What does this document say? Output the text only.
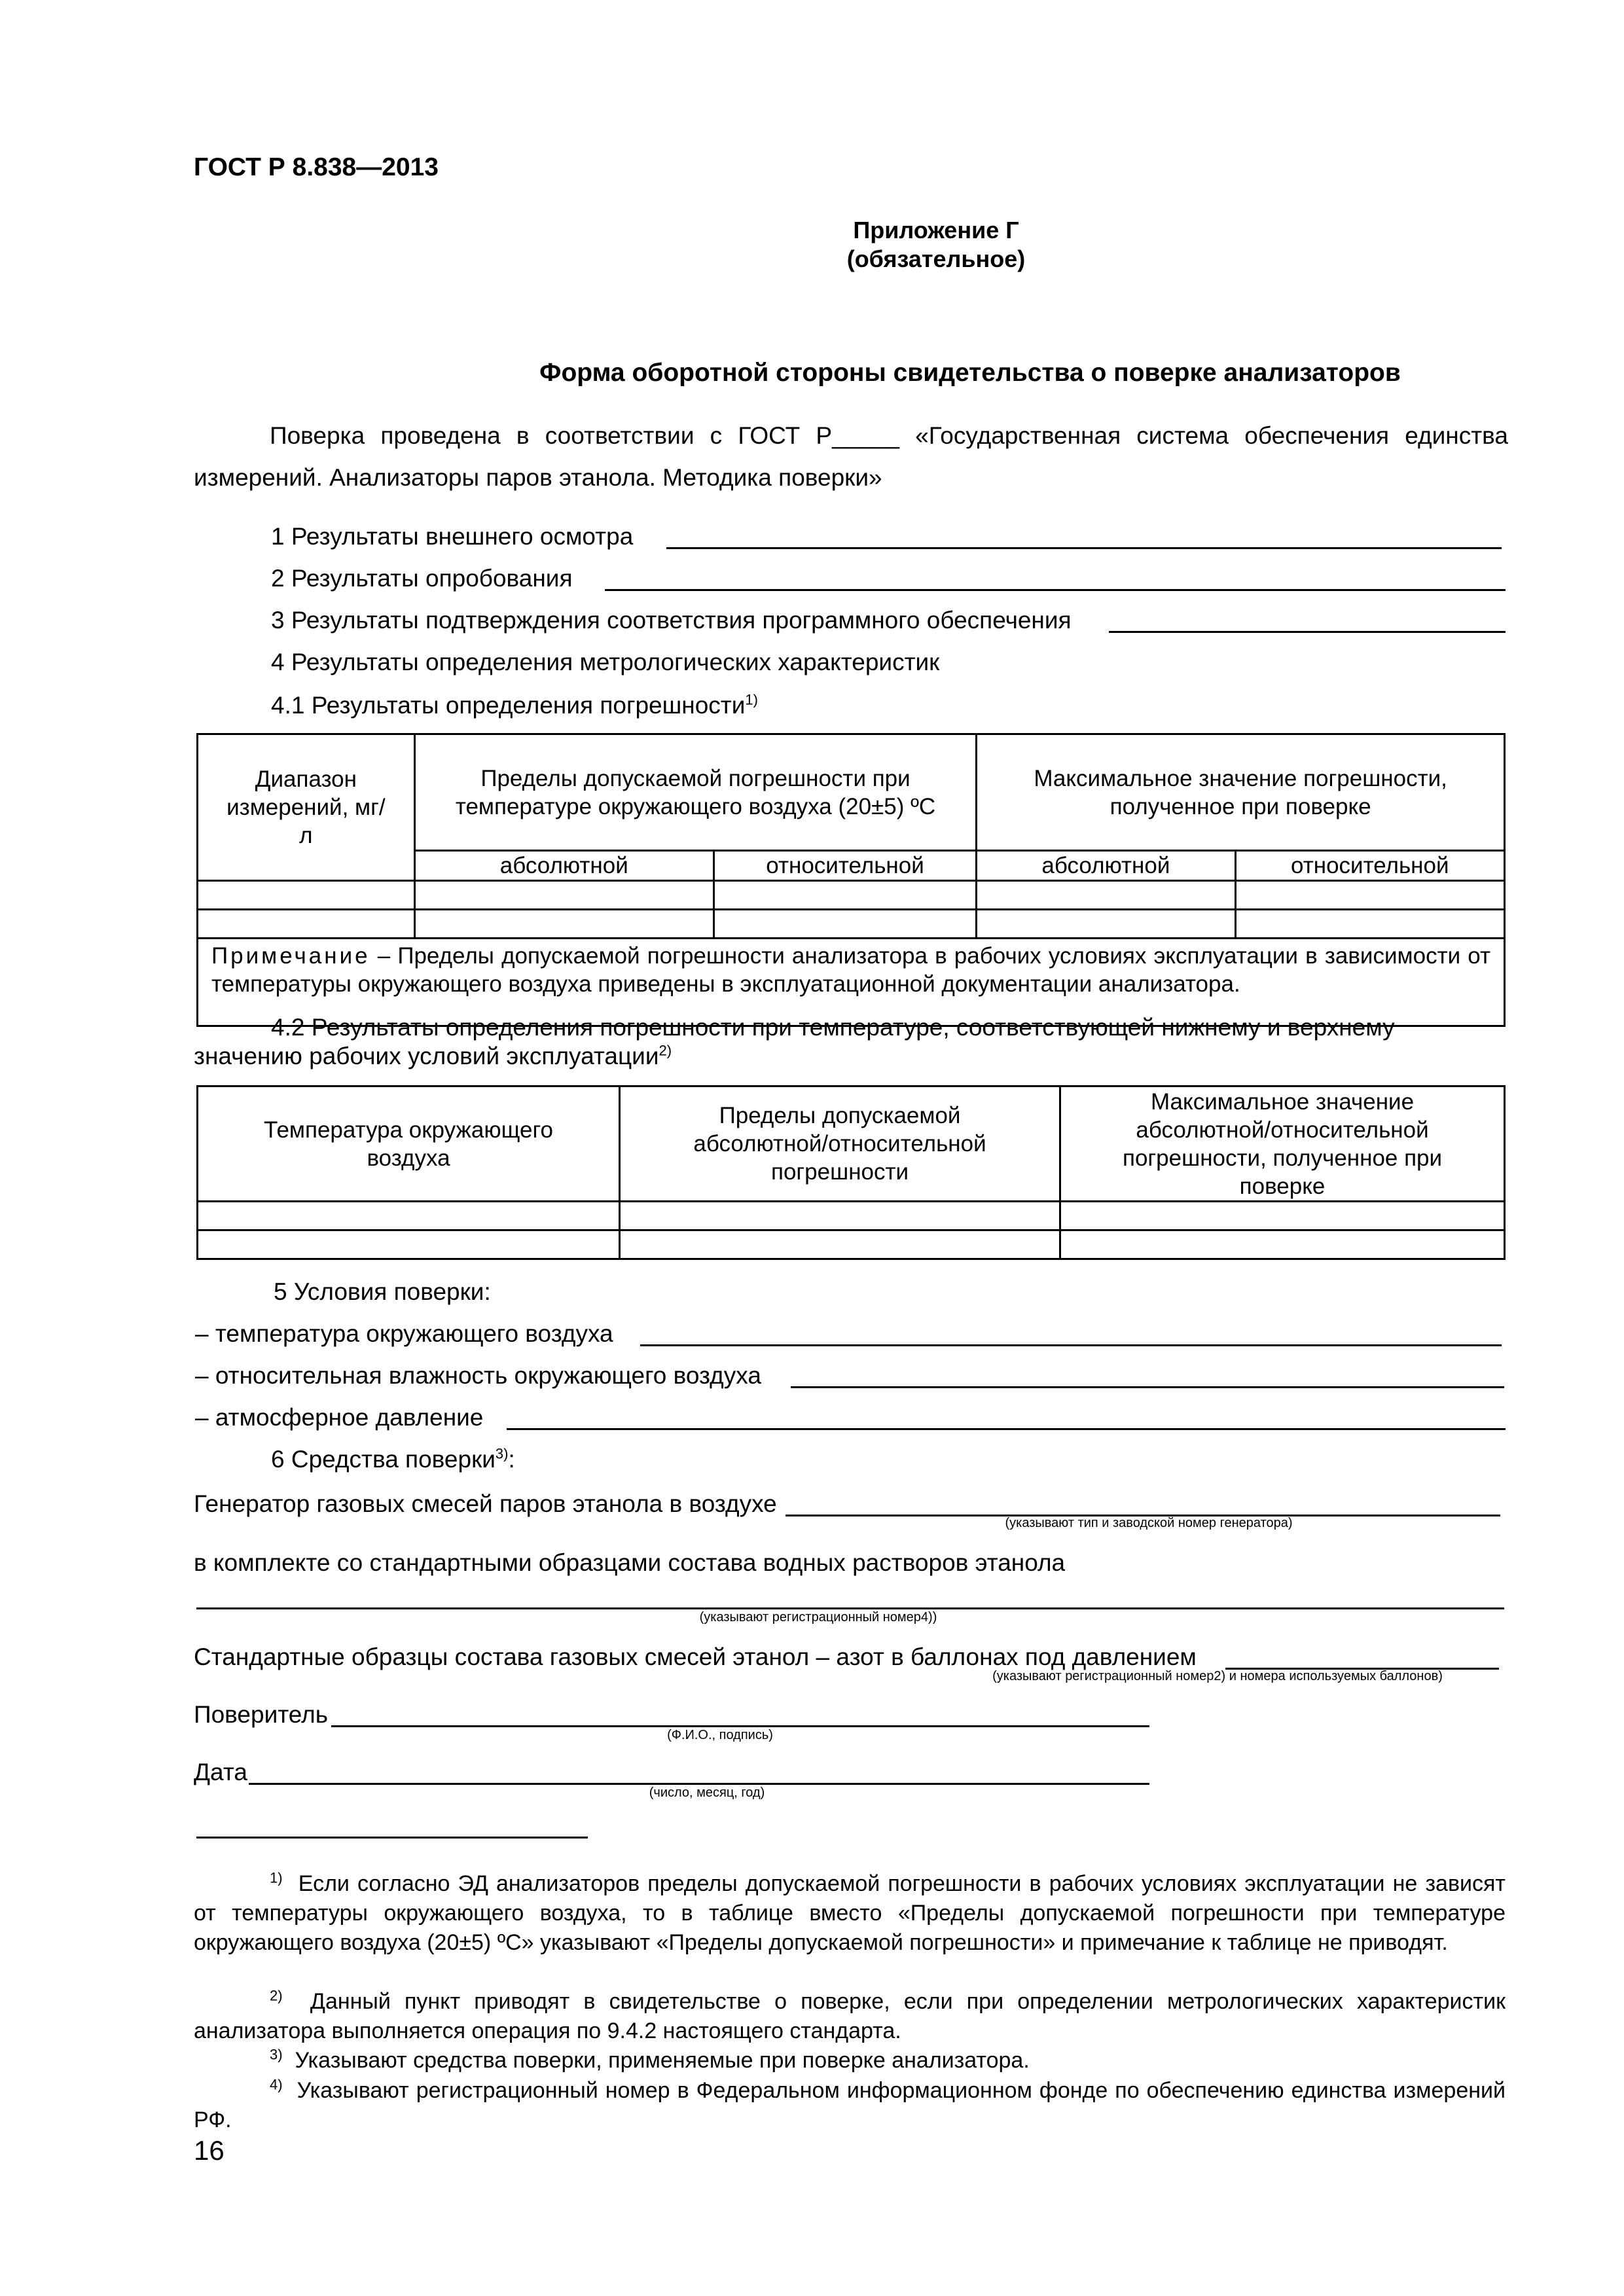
ГОСТ Р 8.838—2013
Приложение Г
(обязательное)
Форма оборотной стороны свидетельства о поверке анализаторов
Поверка проведена в соответствии с ГОСТ Р_____ «Государственная система обеспечения единства
измерений. Анализаторы паров этанола. Методика поверки»
1 Результаты внешнего осмотра
2 Результаты опробования
3 Результаты подтверждения соответствия программного обеспечения
4 Результаты определения метрологических характеристик
4.1 Результаты определения погрешности$^{1)}$
Диапазон измерений, мг/л	Пределы допускаемой погрешности при температуре окружающего воздуха (20±5) ºС		Максимальное значение погрешности, полученное при поверке	
	абсолютной	относительной	абсолютной	относительной

Примечание – Пределы допускаемой погрешности анализатора в рабочих условиях эксплуатации в зависимости от температуры окружающего воздуха приведены в эксплуатационной документации анализатора.				
4.2 Результаты определения погрешности при температуре, соответствующей нижнему и верхнему
значению рабочих условий эксплуатации$^{2)}$
Температура окружающего воздуха	Пределы допускаемой абсолютной/относительной погрешности	Максимальное значение абсолютной/относительной погрешности, полученное при поверке

5 Условия поверки:
– температура окружающего воздуха
– относительная влажность окружающего воздуха
– атмосферное давление
6 Средства поверки$^{3)}$:
Генератор газовых смесей паров этанола в воздухе
(указывают тип и заводской номер генератора)
в комплекте со стандартными образцами состава водных растворов этанола
(указывают регистрационный номер4))
Стандартные образцы состава газовых смесей этанол – азот в баллонах под давлением
(указывают регистрационный номер2) и номера используемых баллонов)
Поверитель
(Ф.И.О., подпись)
Дата
(число, месяц, год)
$^{1)}$ Если согласно ЭД анализаторов пределы допускаемой погрешности в рабочих условиях эксплуатации не зависят от температуры окружающего воздуха, то в таблице вместо «Пределы допускаемой погрешности при температуре окружающего воздуха (20±5) ºС» указывают «Пределы допускаемой погрешности» и примечание к таблице не приводят.
$^{2)}$ Данный пункт приводят в свидетельстве о поверке, если при определении метрологических характеристик анализатора выполняется операция по 9.4.2 настоящего стандарта.
$^{3)}$ Указывают средства поверки, применяемые при поверке анализатора.
$^{4)}$ Указывают регистрационный номер в Федеральном информационном фонде по обеспечению единства измерений РФ.
16
